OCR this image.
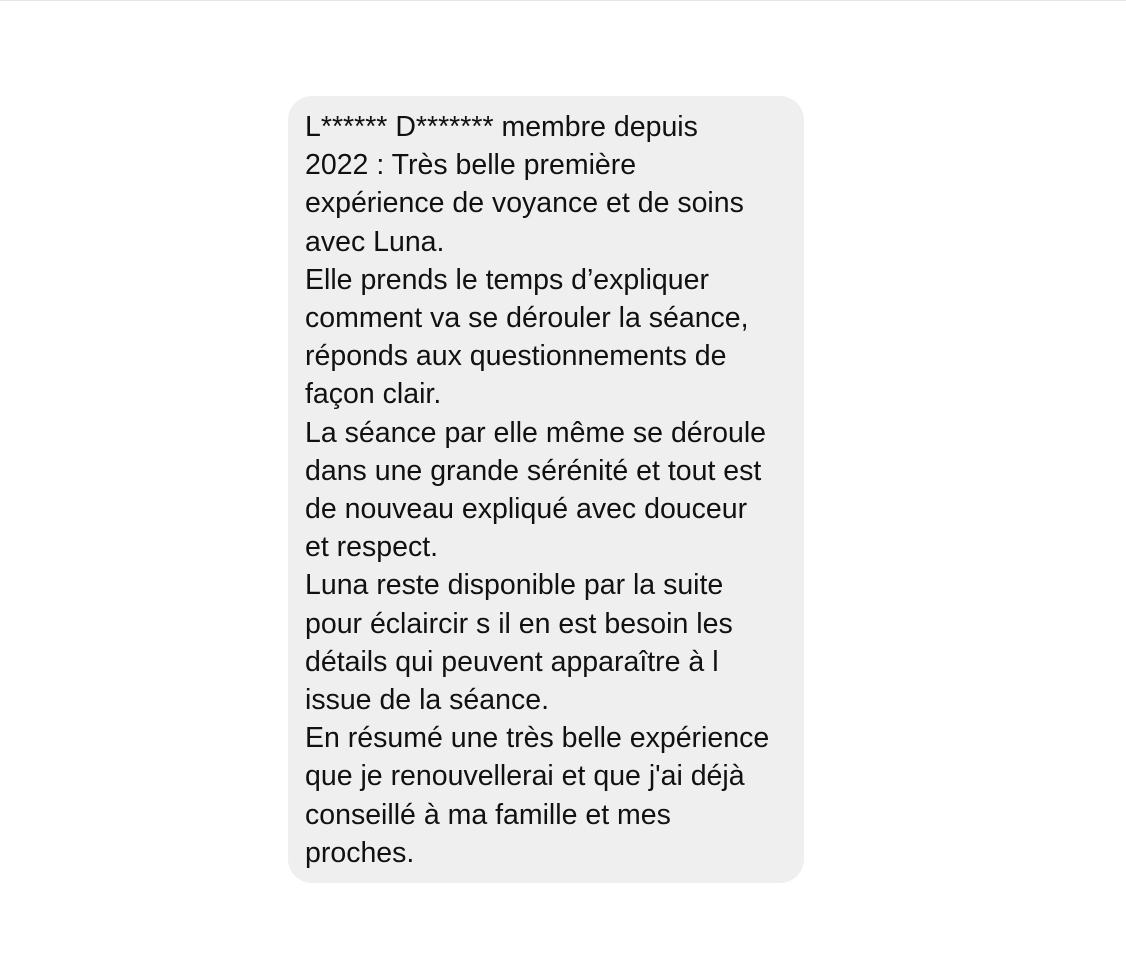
L****** D******* membre depuis
2022 : Très belle première
expérience de voyance et de soins
avec Luna.
Elle prends le temps d’expliquer
comment va se dérouler la séance,
réponds aux questionnements de
façon clair.
La séance par elle même se déroule
dans une grande sérénité et tout est
de nouveau expliqué avec douceur
et respect.
Luna reste disponible par la suite
pour éclaircir s il en est besoin les
détails qui peuvent apparaître à l
issue de la séance.
En résumé une très belle expérience
que je renouvellerai et que j'ai déjà
conseillé à ma famille et mes
proches.
